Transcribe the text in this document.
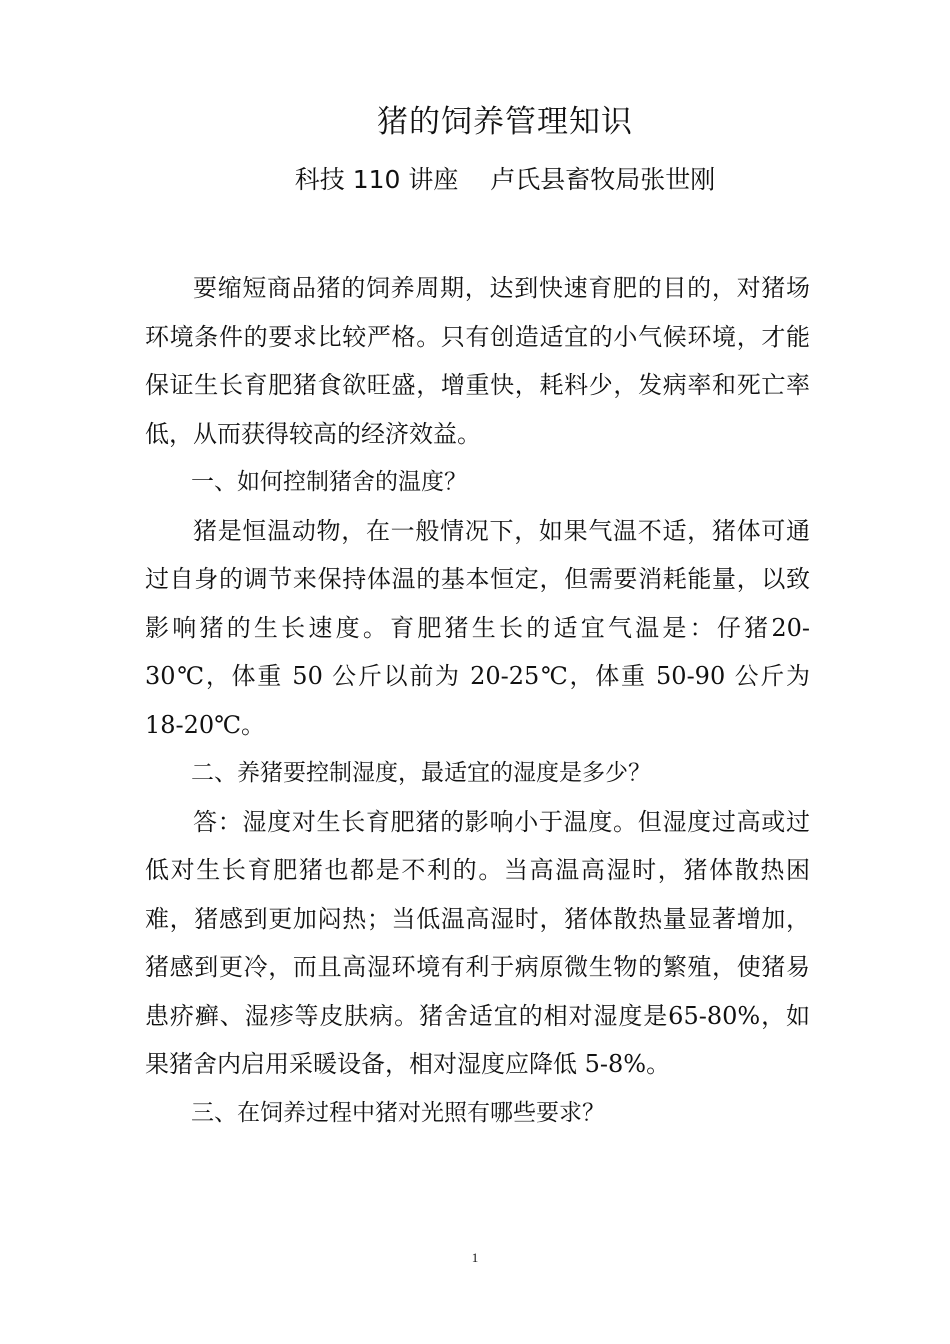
猪的饲养管理知识
科技 110 讲座    卢氏县畜牧局张世刚

要缩短商品猪的饲养周期，达到快速育肥的目的，对猪场环境条件的要求比较严格。只有创造适宜的小气候环境，才能保证生长育肥猪食欲旺盛，增重快，耗料少，发病率和死亡率低，从而获得较高的经济效益。

一、如何控制猪舍的温度？

猪是恒温动物，在一般情况下，如果气温不适，猪体可通过自身的调节来保持体温的基本恒定，但需要消耗能量，以致影响猪的生长速度。育肥猪生长的适宜气温是：仔猪20-30℃，体重 50 公斤以前为 20-25℃，体重 50-90 公斤为 18-20℃。

二、养猪要控制湿度，最适宜的湿度是多少？

答：湿度对生长育肥猪的影响小于温度。但湿度过高或过低对生长育肥猪也都是不利的。当高温高湿时，猪体散热困难，猪感到更加闷热；当低温高湿时，猪体散热量显著增加，猪感到更冷，而且高湿环境有利于病原微生物的繁殖，使猪易患疥癣、湿疹等皮肤病。猪舍适宜的相对湿度是65-80%，如果猪舍内启用采暖设备，相对湿度应降低 5-8%。

三、在饲养过程中猪对光照有哪些要求？

1
